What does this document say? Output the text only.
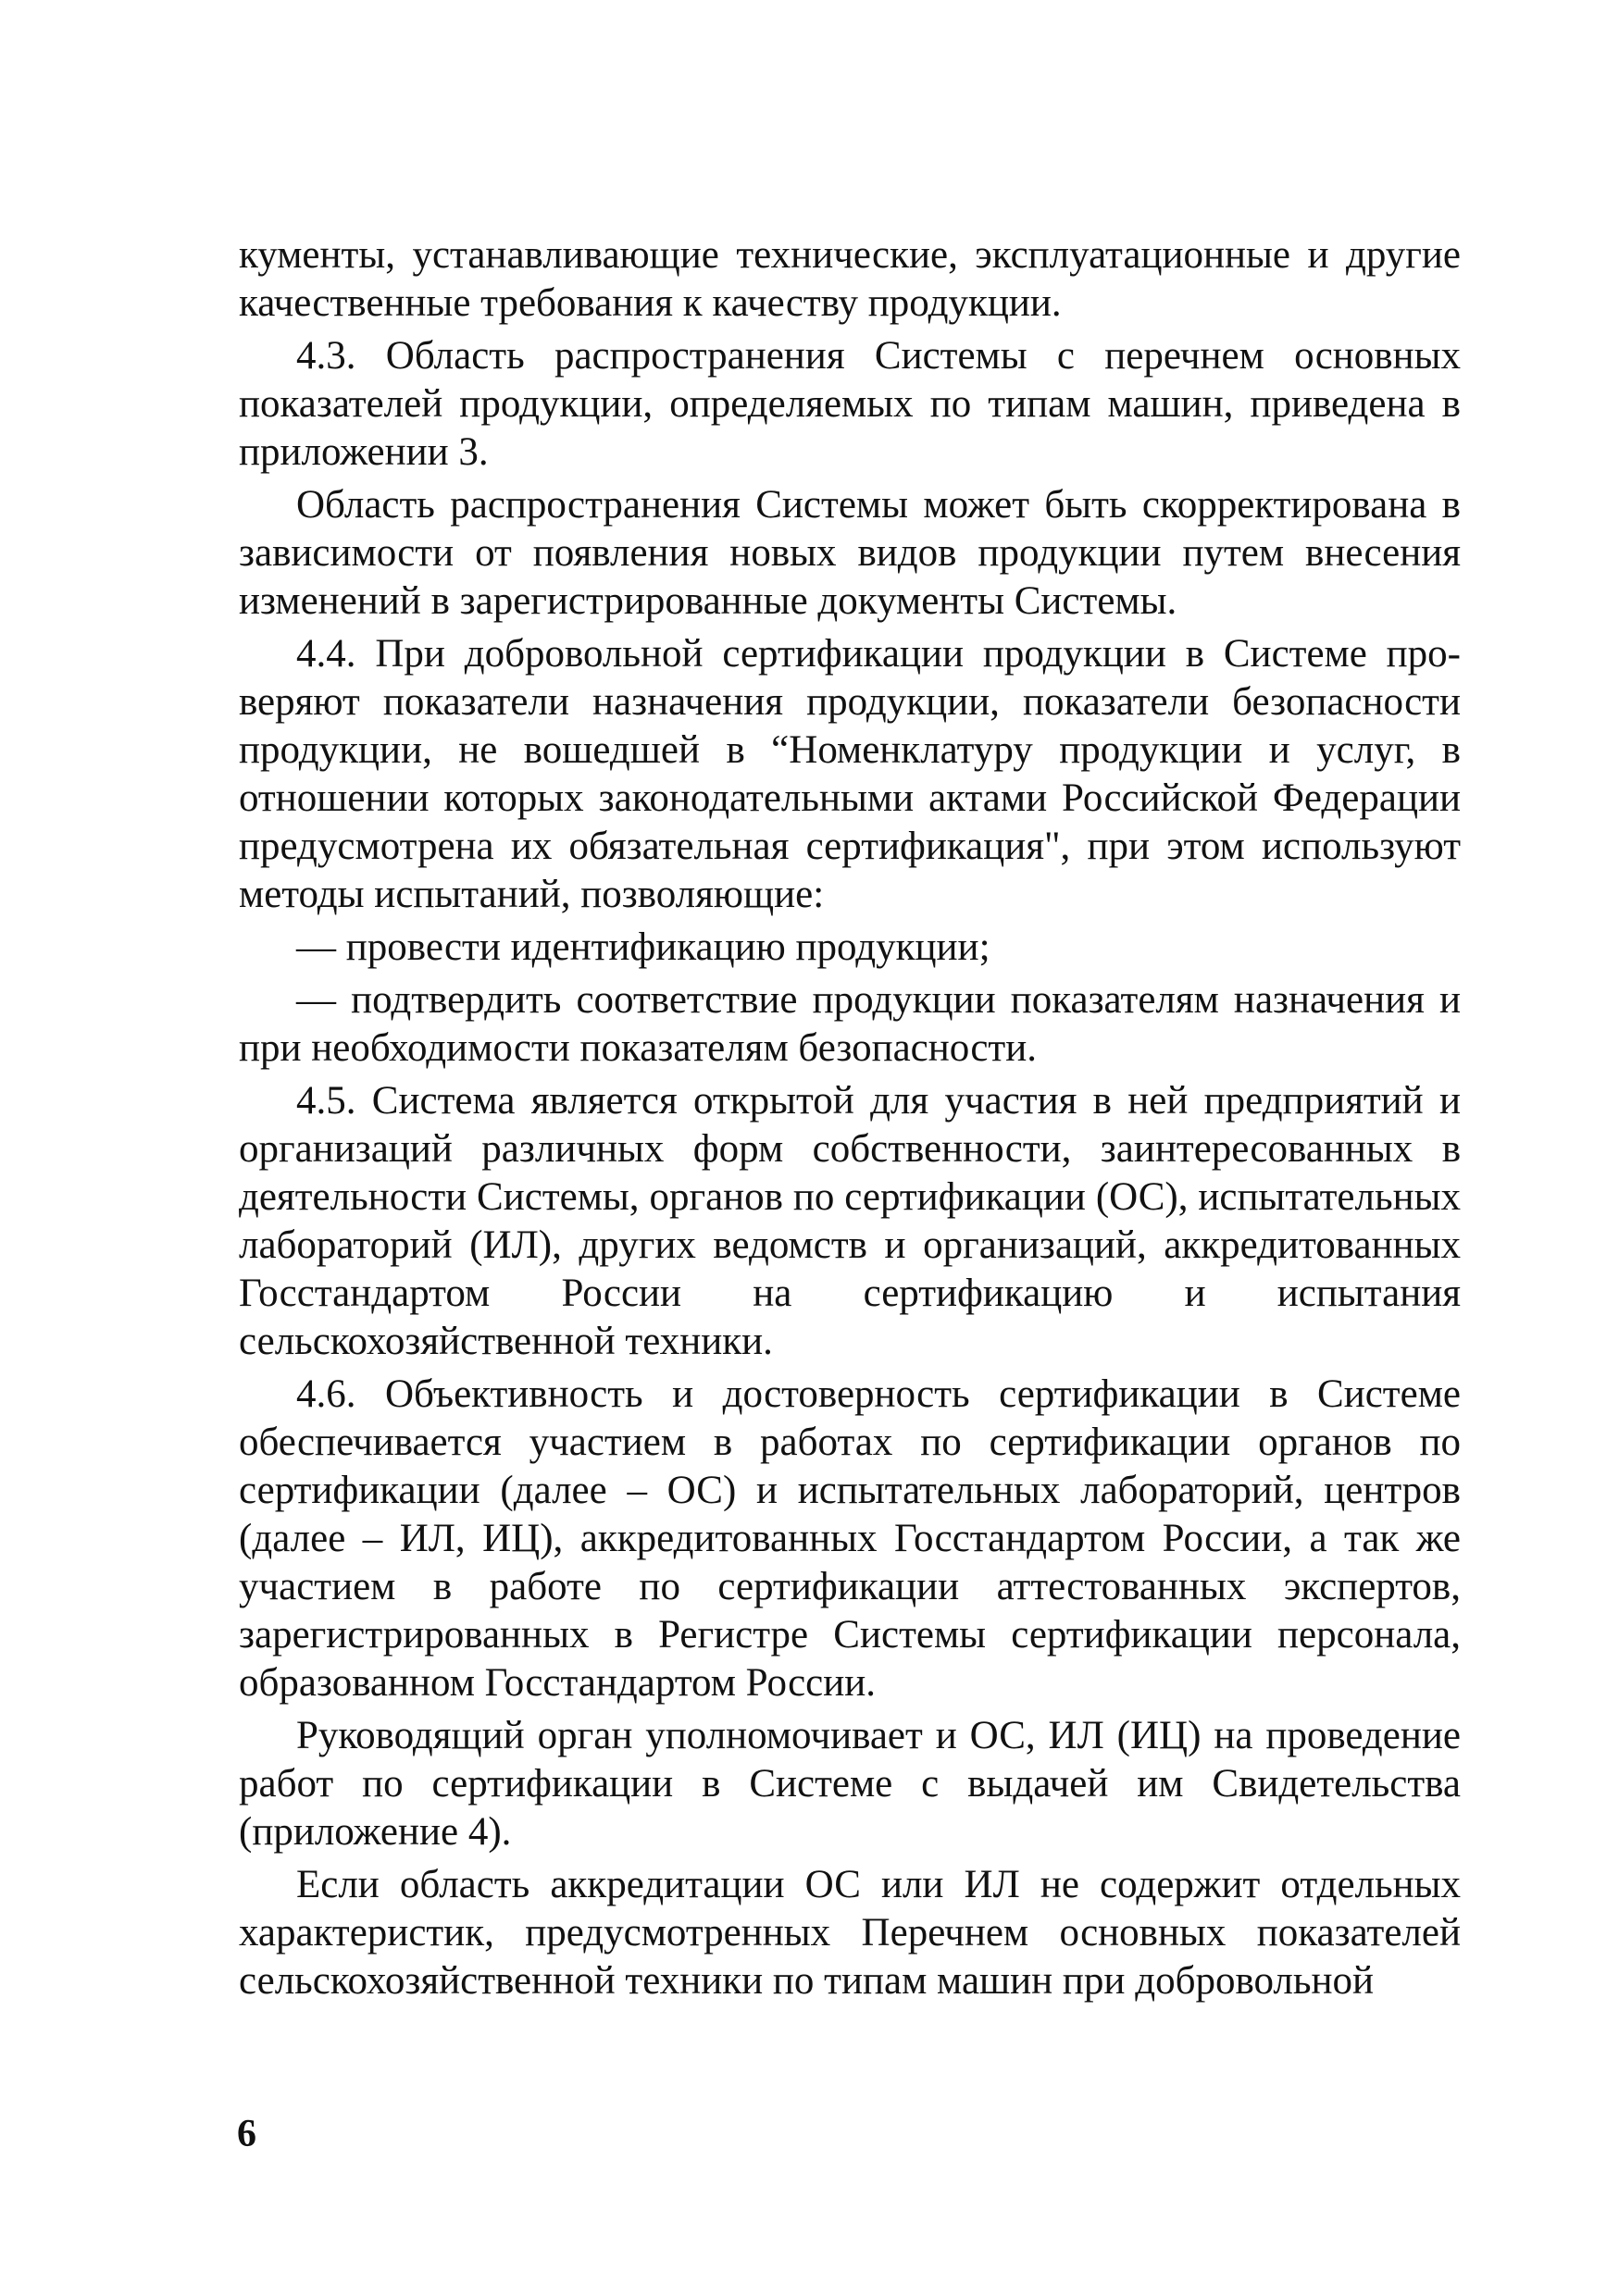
кументы, устанавливающие технические, эксплуатационные и другие качественные требования к качеству продукции.

4.3. Область распространения Системы с перечнем основных показателей продукции, определяемых по типам машин, приведена в приложении 3.

Область распространения Системы может быть скорректирована в зависимости от появления новых видов продукции путем внесения изменений в зарегистрированные документы Системы.

4.4. При добровольной сертификации продукции в Системе проверяют показатели назначения продукции, показатели безопасности продукции, не вошедшей в “Номенклатуру продукции и услуг, в отношении которых законодательными актами Российской Федерации предусмотрена их обязательная сертификация", при этом используют методы испытаний, позволяющие:

— провести идентификацию продукции;

— подтвердить соответствие продукции показателям назначения и при необходимости показателям безопасности.

4.5. Система является открытой для участия в ней предприятий и организаций различных форм собственности, заинтересованных в деятельности Системы, органов по сертификации (ОС), испытательных лабораторий (ИЛ), других ведомств и организаций, аккредитованных Госстандартом России на сертификацию и испытания сельскохозяйственной техники.

4.6. Объективность и достоверность сертификации в Системе обеспечивается участием в работах по сертификации органов по сертификации (далее – ОС) и испытательных лабораторий, центров (далее – ИЛ, ИЦ), аккредитованных Госстандартом России, а так же участием в работе по сертификации аттестованных экспертов, зарегистрированных в Регистре Системы сертификации персонала, образованном Госстандартом России.

Руководящий орган уполномочивает и ОС, ИЛ (ИЦ) на проведение работ по сертификации в Системе с выдачей им Свидетельства (приложение 4).

Если область аккредитации ОС или ИЛ не содержит отдельных характеристик, предусмотренных Перечнем основных показателей сельскохозяйственной техники по типам машин при добровольной

6
